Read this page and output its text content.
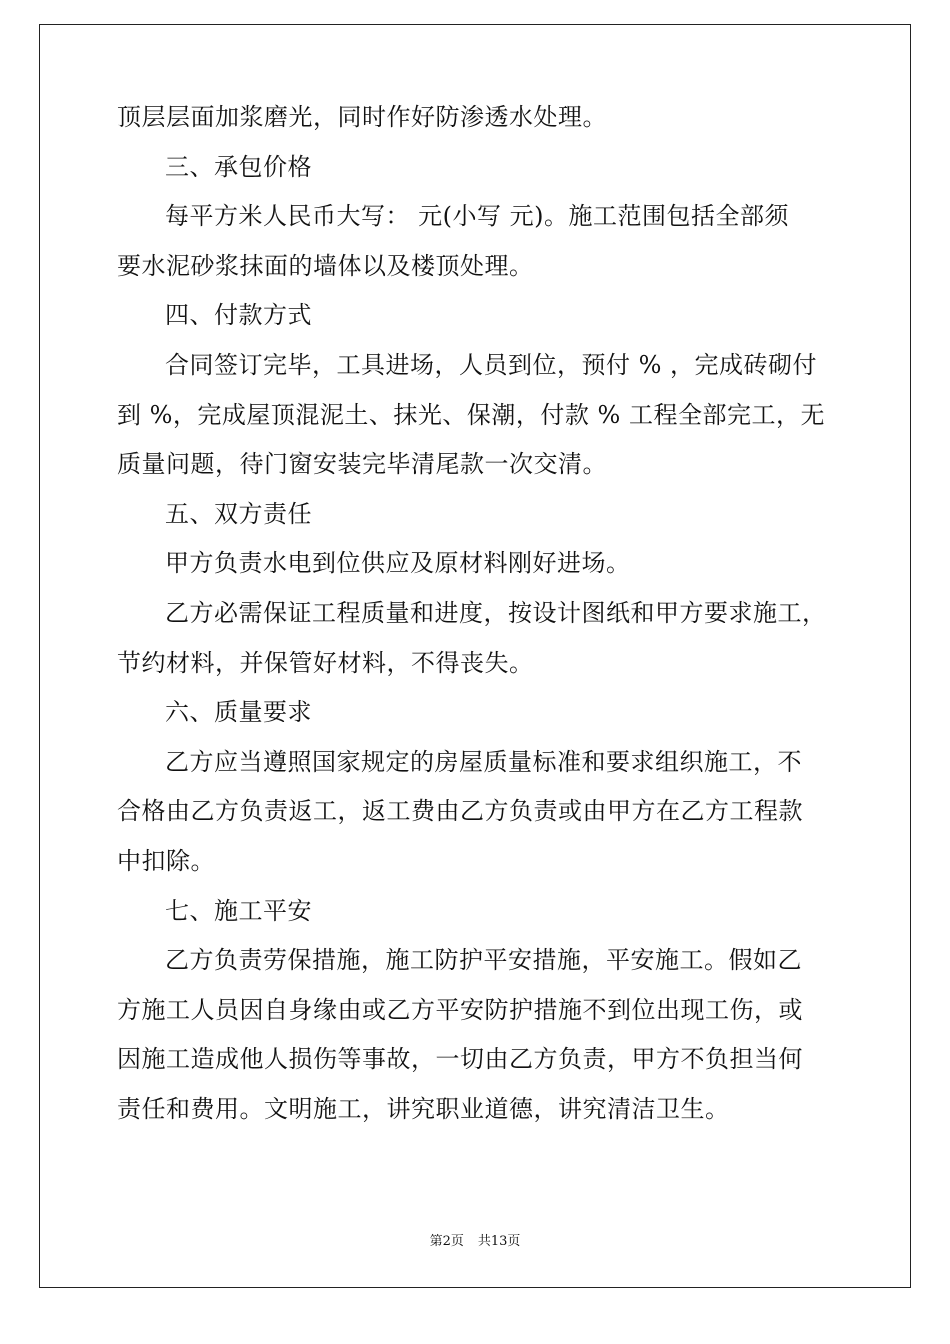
顶层层面加浆磨光，同时作好防渗透水处理。
三、承包价格
每平方米人民币大写： 元(小写 元)。施工范围包括全部须
要水泥砂浆抹面的墙体以及楼顶处理。
四、付款方式
合同签订完毕，工具进场，人员到位，预付 % ，完成砖砌付
到 %，完成屋顶混泥土、抹光、保潮，付款 % 工程全部完工，无
质量问题，待门窗安装完毕清尾款一次交清。
五、双方责任
甲方负责水电到位供应及原材料刚好进场。
乙方必需保证工程质量和进度，按设计图纸和甲方要求施工，
节约材料，并保管好材料，不得丧失。
六、质量要求
乙方应当遵照国家规定的房屋质量标准和要求组织施工，不
合格由乙方负责返工，返工费由乙方负责或由甲方在乙方工程款
中扣除。
七、施工平安
乙方负责劳保措施，施工防护平安措施，平安施工。假如乙
方施工人员因自身缘由或乙方平安防护措施不到位出现工伤，或
因施工造成他人损伤等事故，一切由乙方负责，甲方不负担当何
责任和费用。文明施工，讲究职业道德，讲究清洁卫生。
第2页 共13页
